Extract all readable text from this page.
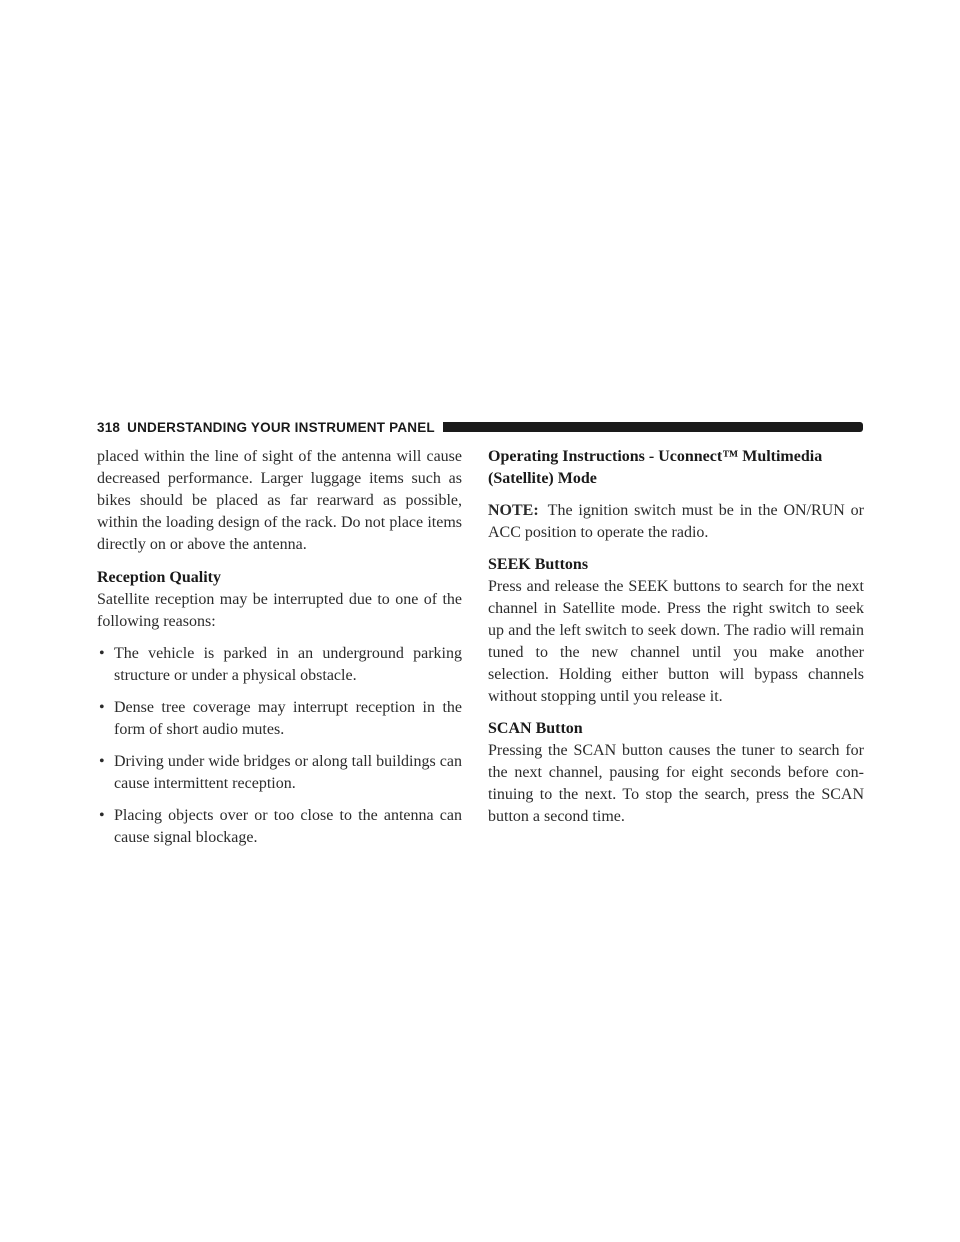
318 UNDERSTANDING YOUR INSTRUMENT PANEL

placed within the line of sight of the antenna will cause decreased performance. Larger luggage items such as bikes should be placed as far rearward as possible, within the loading design of the rack. Do not place items directly on or above the antenna.

Reception Quality

Satellite reception may be interrupted due to one of the following reasons:

• The vehicle is parked in an underground parking structure or under a physical obstacle.
• Dense tree coverage may interrupt reception in the form of short audio mutes.
• Driving under wide bridges or along tall buildings can cause intermittent reception.
• Placing objects over or too close to the antenna can cause signal blockage.
Operating Instructions - Uconnect™ Multimedia (Satellite) Mode

NOTE: The ignition switch must be in the ON/RUN or ACC position to operate the radio.

SEEK Buttons

Press and release the SEEK buttons to search for the next channel in Satellite mode. Press the right switch to seek up and the left switch to seek down. The radio will remain tuned to the new channel until you make another selection. Holding either button will bypass channels without stopping until you release it.

SCAN Button

Pressing the SCAN button causes the tuner to search for the next channel, pausing for eight seconds before con-tinuing to the next. To stop the search, press the SCAN button a second time.
